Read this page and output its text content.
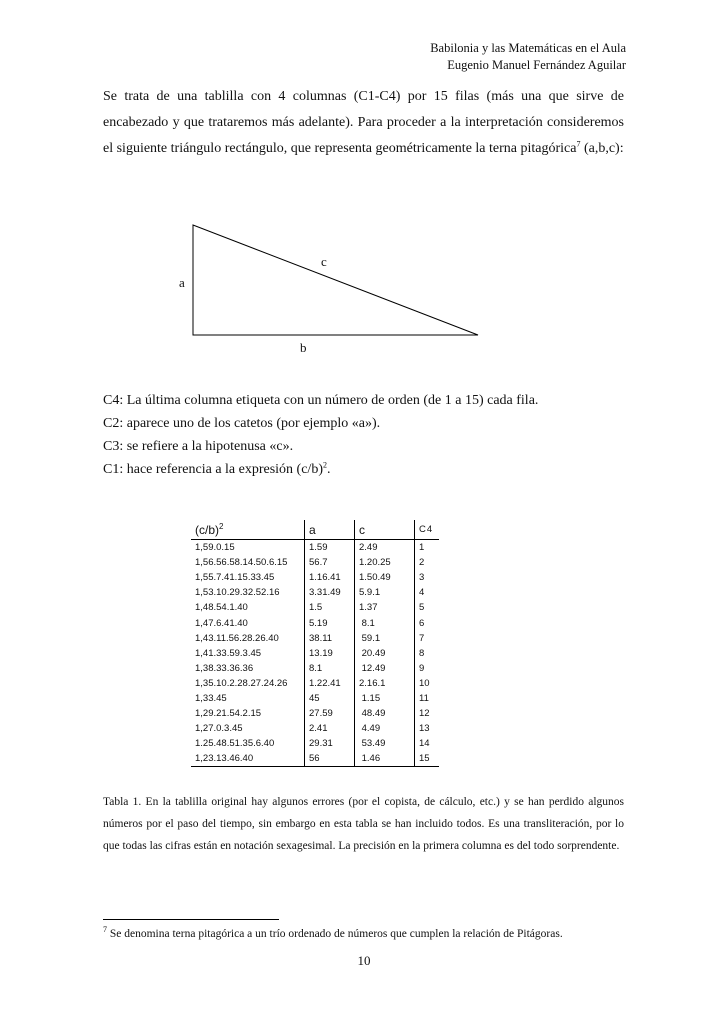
Babilonia y las Matemáticas en el Aula
Eugenio Manuel Fernández Aguilar
Se trata de una tablilla con 4 columnas (C1-C4) por 15 filas (más una que sirve de encabezado y que trataremos más adelante). Para proceder a la interpretación consideremos el siguiente triángulo rectángulo, que representa geométricamente la terna pitagórica$^7$ (a,b,c):
a
b
c
C4: La última columna etiqueta con un número de orden (de 1 a 15) cada fila.
C2: aparece uno de los catetos (por ejemplo «a»).
C3: se refiere a la hipotenusa «c».
C1: hace referencia a la expresión $(c/b)^2$.
$(c/b)^2$	a	c	C4
1,59.0.15	1.59	2.49	1
1,56.56.58.14.50.6.15	56.7	1.20.25	2
1,55.7.41.15.33.45	1.16.41	1.50.49	3
1,53.10.29.32.52.16	3.31.49	5.9.1	4
1,48.54.1.40	1.5	1.37	5
1,47.6.41.40	5.19	8.1	6
1,43.11.56.28.26.40	38.11	59.1	7
1,41.33.59.3.45	13.19	20.49	8
1,38.33.36.36	8.1	12.49	9
1,35.10.2.28.27.24.26	1.22.41	2.16.1	10
1,33.45	45	1.15	11
1,29.21.54.2.15	27.59	48.49	12
1,27.0.3.45	2.41	4.49	13
1.25.48.51.35.6.40	29.31	53.49	14
1,23.13.46.40	56	1.46	15
Tabla 1. En la tablilla original hay algunos errores (por el copista, de cálculo, etc.) y se han perdido algunos números por el paso del tiempo, sin embargo en esta tabla se han incluido todos. Es una transliteración, por lo que todas las cifras están en notación sexagesimal. La precisión en la primera columna es del todo sorprendente.
$^7$ Se denomina terna pitagórica a un trío ordenado de números que cumplen la relación de Pitágoras.
10
